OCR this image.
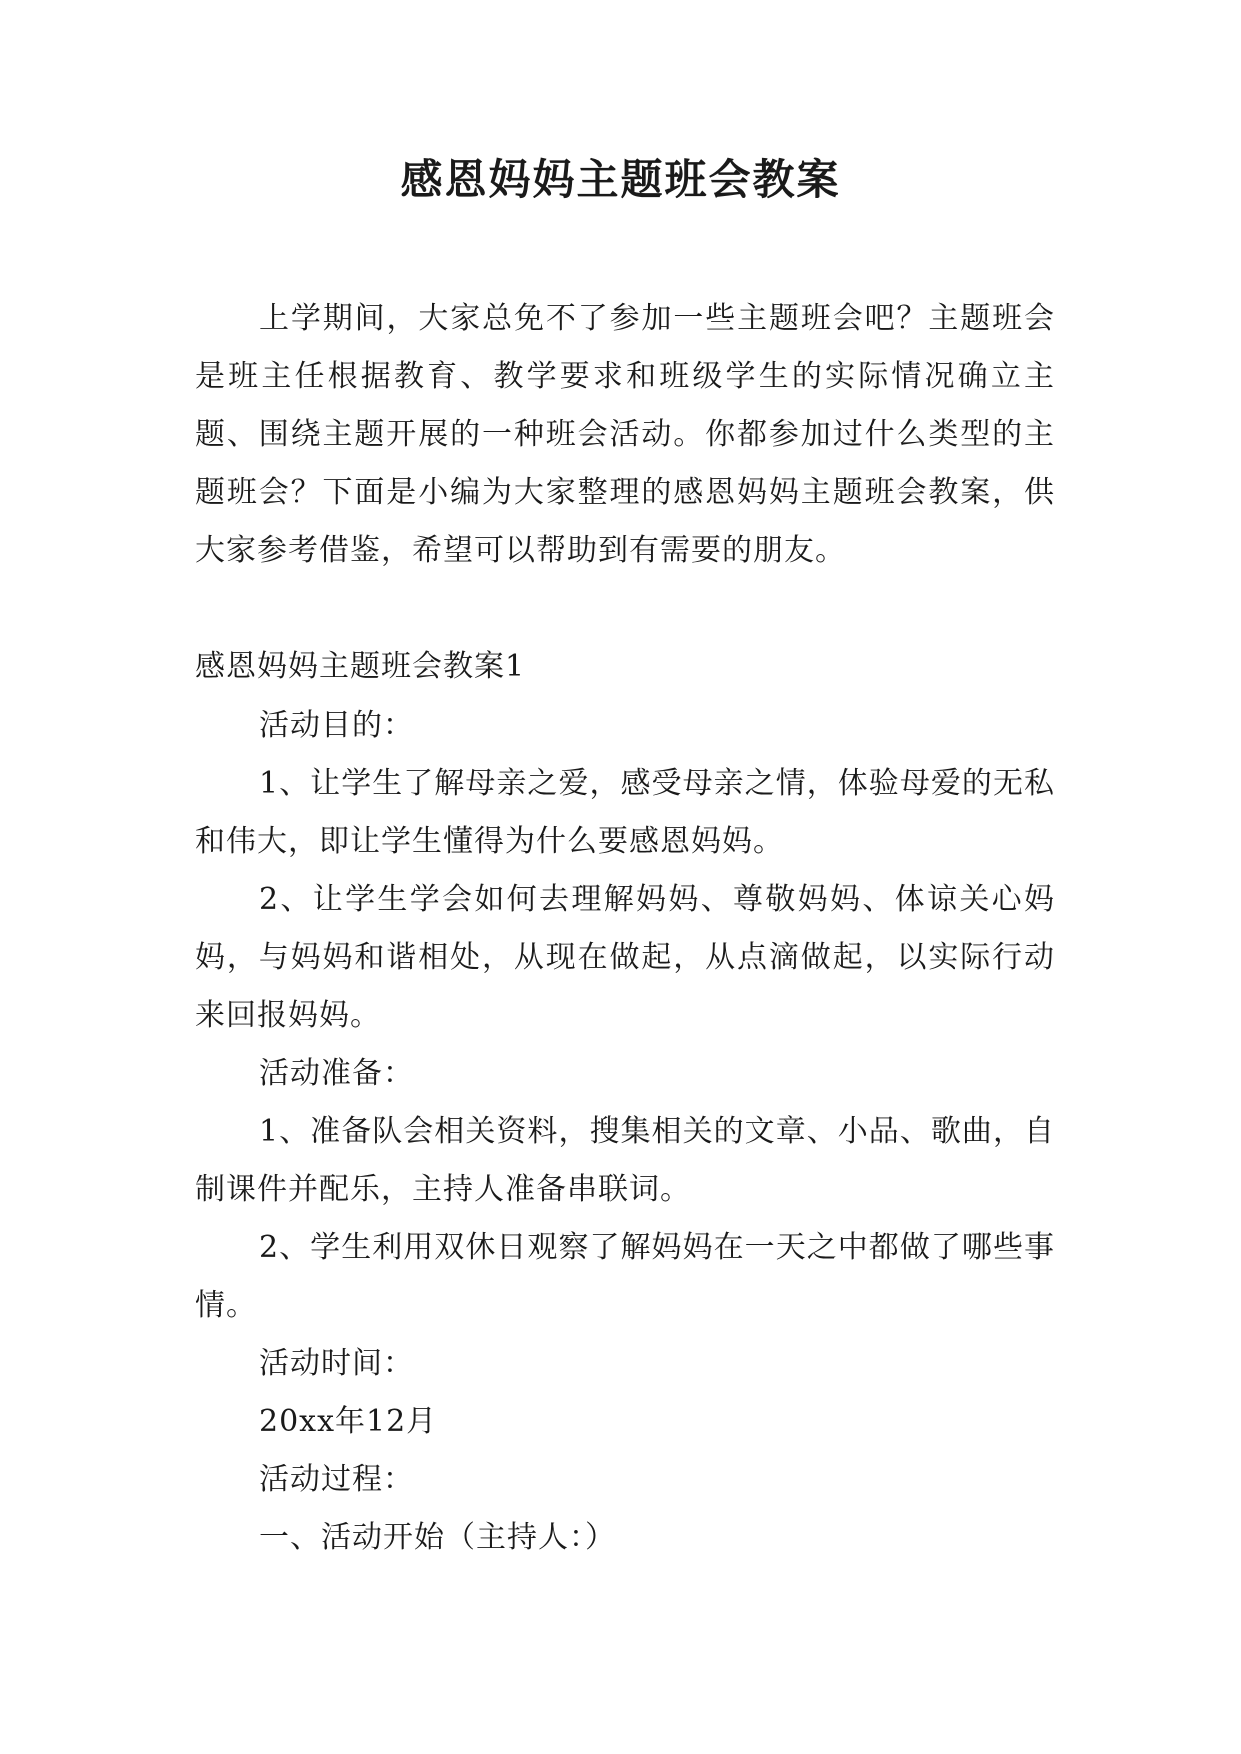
感恩妈妈主题班会教案

上学期间，大家总免不了参加一些主题班会吧？主题班会是班主任根据教育、教学要求和班级学生的实际情况确立主题、围绕主题开展的一种班会活动。你都参加过什么类型的主题班会？下面是小编为大家整理的感恩妈妈主题班会教案，供大家参考借鉴，希望可以帮助到有需要的朋友。

感恩妈妈主题班会教案1

活动目的：

1、让学生了解母亲之爱，感受母亲之情，体验母爱的无私和伟大，即让学生懂得为什么要感恩妈妈。

2、让学生学会如何去理解妈妈、尊敬妈妈、体谅关心妈妈，与妈妈和谐相处，从现在做起，从点滴做起，以实际行动来回报妈妈。

活动准备：

1、准备队会相关资料，搜集相关的文章、小品、歌曲，自制课件并配乐，主持人准备串联词。

2、学生利用双休日观察了解妈妈在一天之中都做了哪些事情。

活动时间：

20xx年12月

活动过程：

一、活动开始（主持人：）
